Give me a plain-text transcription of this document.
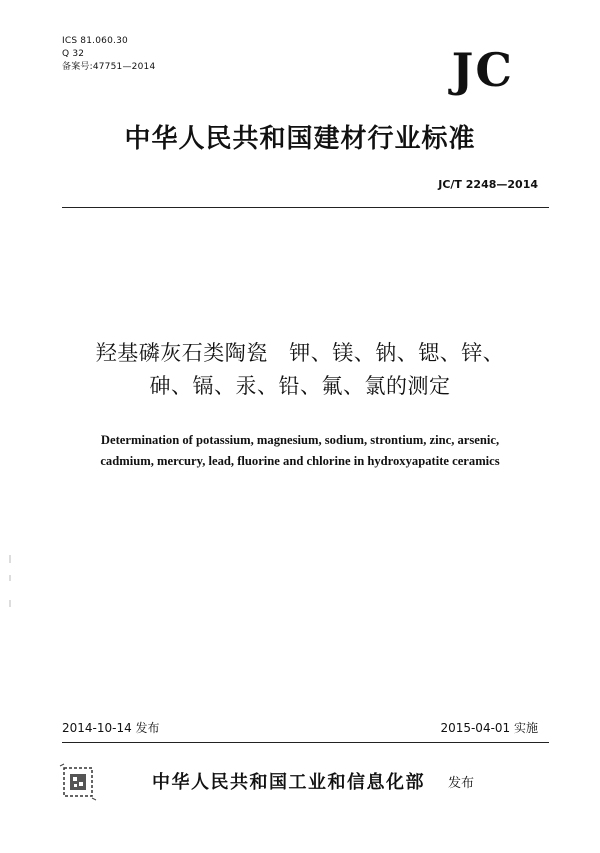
ICS 81.060.30
Q 32
备案号:47751—2014	JC
中华人民共和国建材行业标准
JC/T 2248—2014
羟基磷灰石类陶瓷　钾、镁、钠、锶、锌、
砷、镉、汞、铅、氟、氯的测定
Determination of potassium, magnesium, sodium, strontium, zinc, arsenic,
cadmium, mercury, lead, fluorine and chlorine in hydroxyapatite ceramics
2014-10-14 发布	2015-04-01 实施
中华人民共和国工业和信息化部 发布
